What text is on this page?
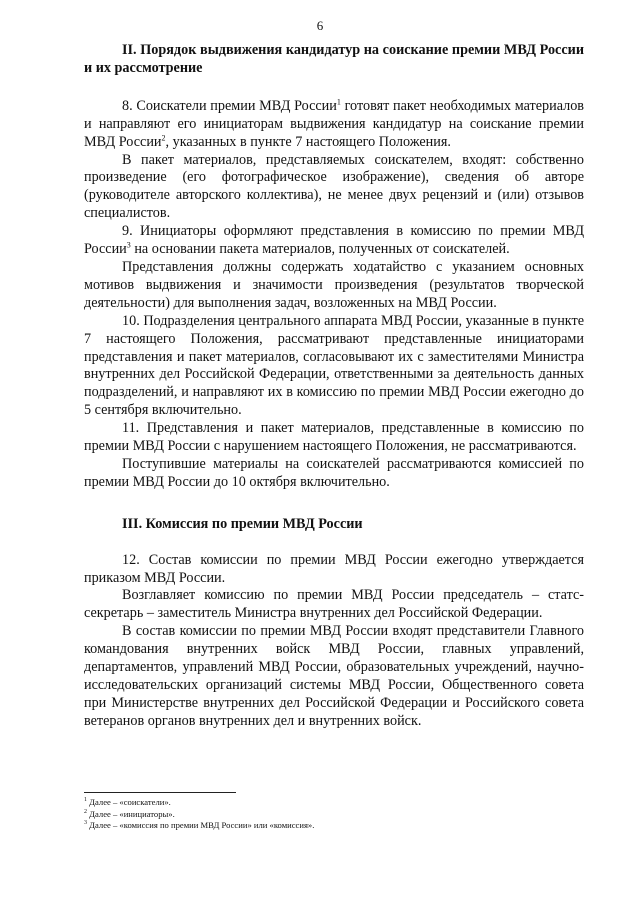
6

II. Порядок выдвижения кандидатур на соискание премии МВД России и их рассмотрение

8. Соискатели премии МВД России$^1$ готовят пакет необходимых материалов и направляют его инициаторам выдвижения кандидатур на соискание премии МВД России$^2$, указанных в пункте 7 настоящего Положения.

В пакет материалов, представляемых соискателем, входят: собственно произведение (его фотографическое изображение), сведения об авторе (руководителе авторского коллектива), не менее двух рецензий и (или) отзывов специалистов.

9. Инициаторы оформляют представления в комиссию по премии МВД России$^3$ на основании пакета материалов, полученных от соискателей.

Представления должны содержать ходатайство с указанием основных мотивов выдвижения и значимости произведения (результатов творческой деятельности) для выполнения задач, возложенных на МВД России.

10. Подразделения центрального аппарата МВД России, указанные в пункте 7 настоящего Положения, рассматривают представленные инициаторами представления и пакет материалов, согласовывают их с заместителями Министра внутренних дел Российской Федерации, ответственными за деятельность данных подразделений, и направляют их в комиссию по премии МВД России ежегодно до 5 сентября включительно.

11. Представления и пакет материалов, представленные в комиссию по премии МВД России с нарушением настоящего Положения, не рассматриваются.

Поступившие материалы на соискателей рассматриваются комиссией по премии МВД России до 10 октября включительно.

III. Комиссия по премии МВД России

12. Состав комиссии по премии МВД России ежегодно утверждается приказом МВД России.

Возглавляет комиссию по премии МВД России председатель – статс-секретарь – заместитель Министра внутренних дел Российской Федерации.

В состав комиссии по премии МВД России входят представители Главного командования внутренних войск МВД России, главных управлений, департаментов, управлений МВД России, образовательных учреждений, научно-исследовательских организаций системы МВД России, Общественного совета при Министерстве внутренних дел Российской Федерации и Российского совета ветеранов органов внутренних дел и внутренних войск.

$^1$ Далее – «соискатели».

$^2$ Далее – «инициаторы».

$^3$ Далее – «комиссия по премии МВД России» или «комиссия».
